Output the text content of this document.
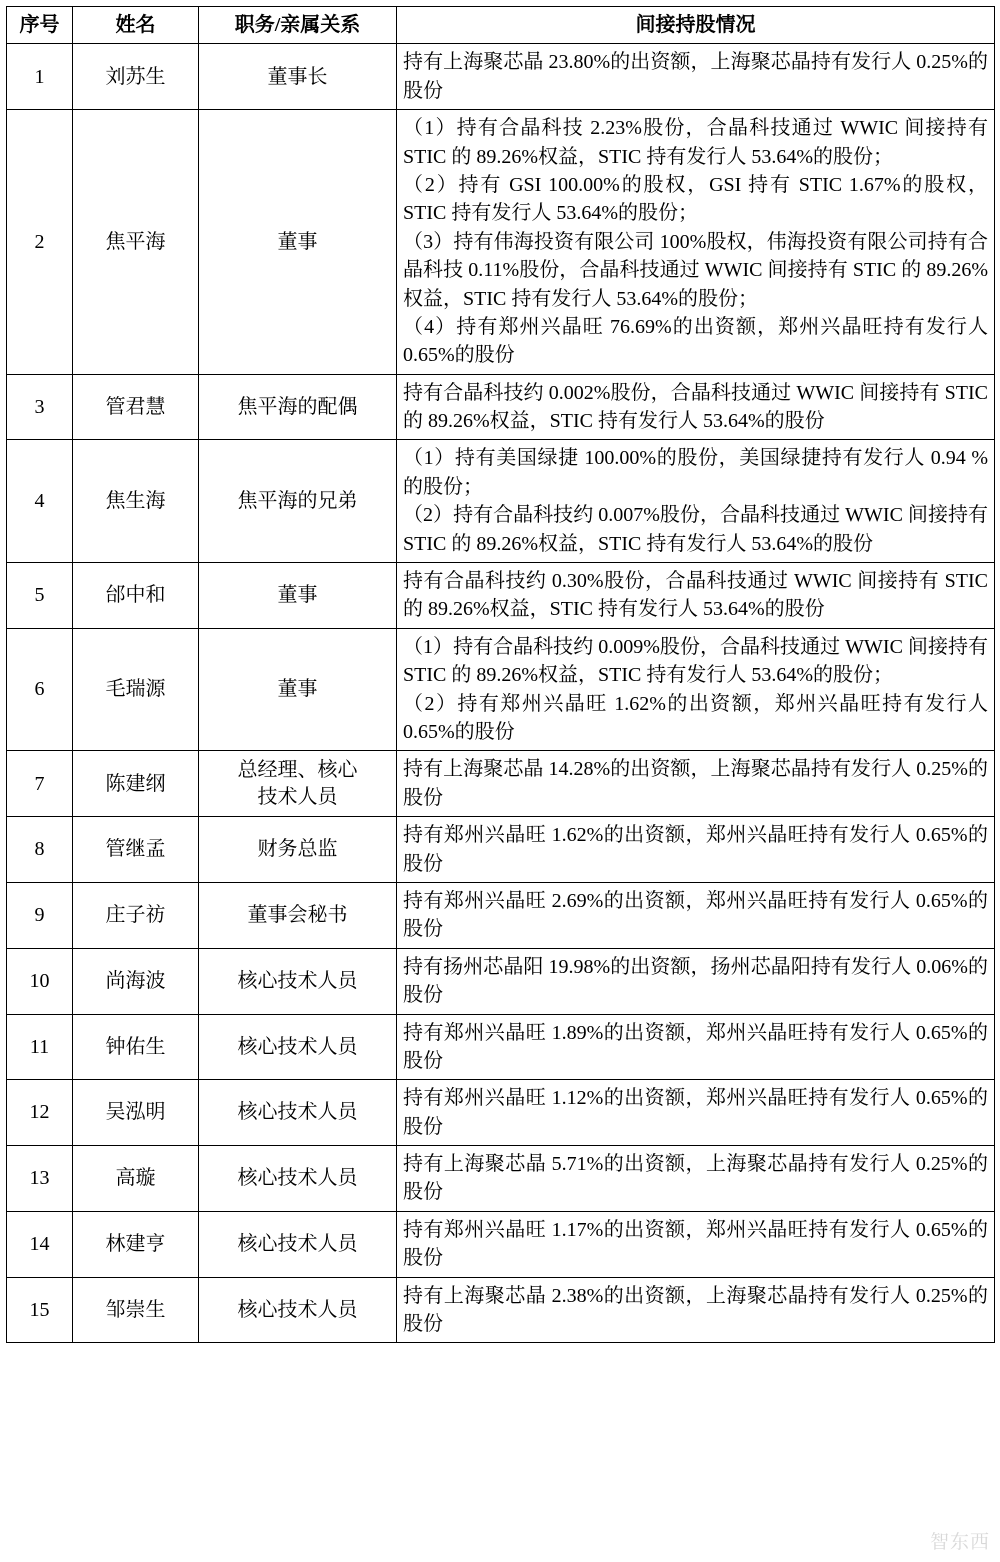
序号	姓名	职务/亲属关系	间接持股情况
1	刘苏生	董事长	持有上海聚芯晶 23.80%的出资额，上海聚芯晶持有发行人 0.25%的股份

2	焦平海	董事	（1）持有合晶科技 2.23%股份，合晶科技通过 WWIC 间接持有 STIC 的 89.26%权益，STIC 持有发行人 53.64%的股份；

（2）持有 GSI 100.00%的股权，GSI 持有 STIC 1.67%的股权，STIC 持有发行人 53.64%的股份；

（3）持有伟海投资有限公司 100%股权，伟海投资有限公司持有合晶科技 0.11%股份，合晶科技通过 WWIC 间接持有 STIC 的 89.26%权益，STIC 持有发行人 53.64%的股份；

（4）持有郑州兴晶旺 76.69%的出资额，郑州兴晶旺持有发行人 0.65%的股份

3	管君慧	焦平海的配偶	持有合晶科技约 0.002%股份，合晶科技通过 WWIC 间接持有 STIC 的 89.26%权益，STIC 持有发行人 53.64%的股份

4	焦生海	焦平海的兄弟	（1）持有美国绿捷 100.00%的股份，美国绿捷持有发行人 0.94 %的股份；

（2）持有合晶科技约 0.007%股份，合晶科技通过 WWIC 间接持有 STIC 的 89.26%权益，STIC 持有发行人 53.64%的股份

5	邰中和	董事	持有合晶科技约 0.30%股份，合晶科技通过 WWIC 间接持有 STIC 的 89.26%权益，STIC 持有发行人 53.64%的股份

6	毛瑞源	董事	（1）持有合晶科技约 0.009%股份，合晶科技通过 WWIC 间接持有 STIC 的 89.26%权益，STIC 持有发行人 53.64%的股份；

（2）持有郑州兴晶旺 1.62%的出资额，郑州兴晶旺持有发行人 0.65%的股份

7	陈建纲	总经理、核心
技术人员	持有上海聚芯晶 14.28%的出资额，上海聚芯晶持有发行人 0.25%的股份

8	管继孟	财务总监	持有郑州兴晶旺 1.62%的出资额，郑州兴晶旺持有发行人 0.65%的股份

9	庄子祊	董事会秘书	持有郑州兴晶旺 2.69%的出资额，郑州兴晶旺持有发行人 0.65%的股份

10	尚海波	核心技术人员	持有扬州芯晶阳 19.98%的出资额，扬州芯晶阳持有发行人 0.06%的股份

11	钟佑生	核心技术人员	持有郑州兴晶旺 1.89%的出资额，郑州兴晶旺持有发行人 0.65%的股份

12	吴泓明	核心技术人员	持有郑州兴晶旺 1.12%的出资额，郑州兴晶旺持有发行人 0.65%的股份

13	高璇	核心技术人员	持有上海聚芯晶 5.71%的出资额，上海聚芯晶持有发行人 0.25%的股份

14	林建亨	核心技术人员	持有郑州兴晶旺 1.17%的出资额，郑州兴晶旺持有发行人 0.65%的股份

15	邹崇生	核心技术人员	持有上海聚芯晶 2.38%的出资额，上海聚芯晶持有发行人 0.25%的股份

智东西
